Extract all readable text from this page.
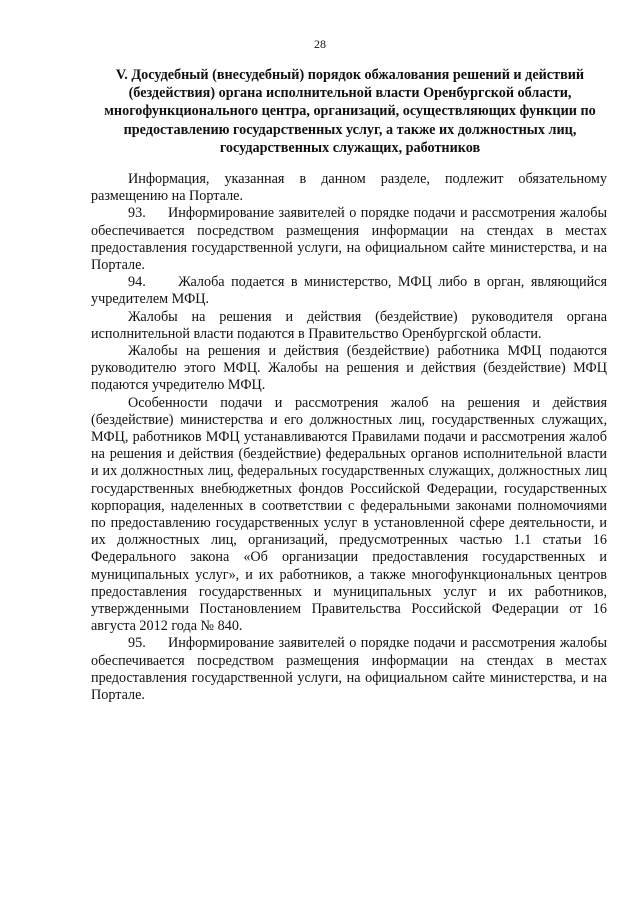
28
V. Досудебный (внесудебный) порядок обжалования решений и действий (бездействия) органа исполнительной власти Оренбургской области, многофункционального центра, организаций, осуществляющих функции по предоставлению государственных услуг, а также их должностных лиц, государственных служащих, работников

Информация, указанная в данном разделе, подлежит обязательному размещению на Портале.

93.     Информирование заявителей о порядке подачи и рассмотрения жалобы обеспечивается посредством размещения информации на стендах в местах предоставления государственной услуги, на официальном сайте министерства, и на Портале.

94.     Жалоба подается в министерство, МФЦ либо в орган, являющийся учредителем МФЦ.

Жалобы на решения и действия (бездействие) руководителя органа исполнительной власти подаются в Правительство Оренбургской области.

Жалобы на решения и действия (бездействие) работника МФЦ подаются руководителю этого МФЦ. Жалобы на решения и действия (бездействие) МФЦ подаются учредителю МФЦ.

Особенности подачи и рассмотрения жалоб на решения и действия (бездействие) министерства и его должностных лиц, государственных служащих, МФЦ, работников МФЦ устанавливаются Правилами подачи и рассмотрения жалоб на решения и действия (бездействие) федеральных органов исполнительной власти и их должностных лиц, федеральных государственных служащих, должностных лиц государственных внебюджетных фондов Российской Федерации, государственных корпорация, наделенных в соответствии с федеральными законами полномочиями по предоставлению государственных услуг в установленной сфере деятельности, и их должностных лиц, организаций, предусмотренных частью 1.1 статьи 16 Федерального закона «Об организации предоставления государственных и муниципальных услуг», и их работников, а также многофункциональных центров предоставления государственных и муниципальных услуг и их работников, утвержденными Постановлением Правительства Российской Федерации от 16 августа 2012 года № 840.

95.     Информирование заявителей о порядке подачи и рассмотрения жалобы обеспечивается посредством размещения информации на стендах в местах предоставления государственной услуги, на официальном сайте министерства, и на Портале.
